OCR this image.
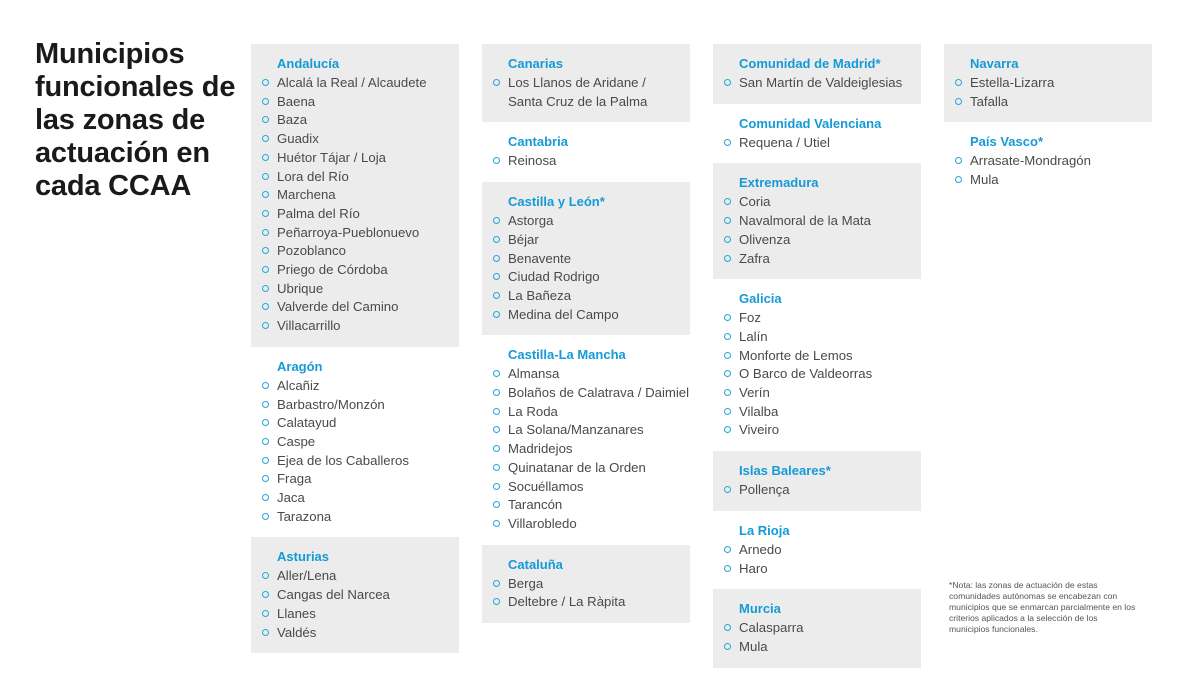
Municipios funcionales de las zonas de actuación en cada CCAA
Andalucía
Alcalá la Real / Alcaudete
Baena
Baza
Guadix
Huétor Tájar / Loja
Lora del Río
Marchena
Palma del Río
Peñarroya-Pueblonuevo
Pozoblanco
Priego de Córdoba
Ubrique
Valverde del Camino
Villacarrillo
Aragón
Alcañiz
Barbastro/Monzón
Calatayud
Caspe
Ejea de los Caballeros
Fraga
Jaca
Tarazona
Asturias
Aller/Lena
Cangas del Narcea
Llanes
Valdés
Canarias
Los Llanos de Aridane /
Santa Cruz de la Palma
Cantabria
Reinosa
Castilla y León*
Astorga
Béjar
Benavente
Ciudad Rodrigo
La Bañeza
Medina del Campo
Castilla-La Mancha
Almansa
Bolaños de Calatrava / Daimiel
La Roda
La Solana/Manzanares
Madridejos
Quinatanar de la Orden
Socuéllamos
Tarancón
Villarobledo
Cataluña
Berga
Deltebre / La Ràpita
Comunidad de Madrid*
San Martín de Valdeiglesias
Comunidad Valenciana
Requena / Utiel
Extremadura
Coria
Navalmoral de la Mata
Olivenza
Zafra
Galicia
Foz
Lalín
Monforte de Lemos
O Barco de Valdeorras
Verín
Vilalba
Viveiro
Islas Baleares*
Pollença
La Rioja
Arnedo
Haro
Murcia
Calasparra
Mula
Navarra
Estella-Lizarra
Tafalla
País Vasco*
Arrasate-Mondragón
Mula
*Nota: las zonas de actuación de estas comunidades autónomas se encabezan con municipios que se enmarcan parcialmente en los criterios aplicados a la selección de los municipios funcionales.
